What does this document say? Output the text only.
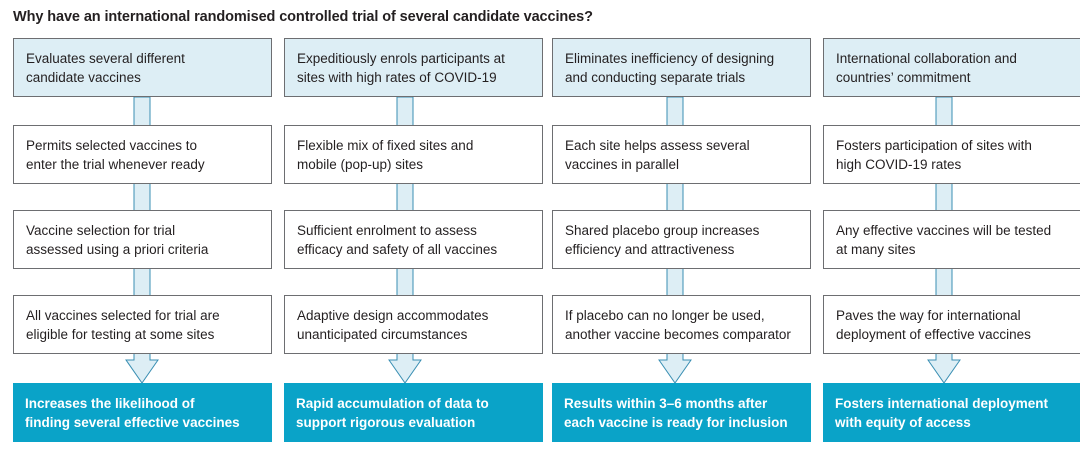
Why have an international randomised controlled trial of several candidate vaccines?
Evaluates several different
candidate vaccines
Permits selected vaccines to
enter the trial whenever ready
Vaccine selection for trial
assessed using a priori criteria
All vaccines selected for trial are
eligible for testing at some sites
Increases the likelihood of
finding several effective vaccines
Expeditiously enrols participants at
sites with high rates of COVID-19
Flexible mix of fixed sites and
mobile (pop-up) sites
Sufficient enrolment to assess
efficacy and safety of all vaccines
Adaptive design accommodates
unanticipated circumstances
Rapid accumulation of data to
support rigorous evaluation
Eliminates inefficiency of designing
and conducting separate trials
Each site helps assess several
vaccines in parallel
Shared placebo group increases
efficiency and attractiveness
If placebo can no longer be used,
another vaccine becomes comparator
Results within 3–6 months after
each vaccine is ready for inclusion
International collaboration and
countries’ commitment
Fosters participation of sites with
high COVID-19 rates
Any effective vaccines will be tested
at many sites
Paves the way for international
deployment of effective vaccines
Fosters international deployment
with equity of access
